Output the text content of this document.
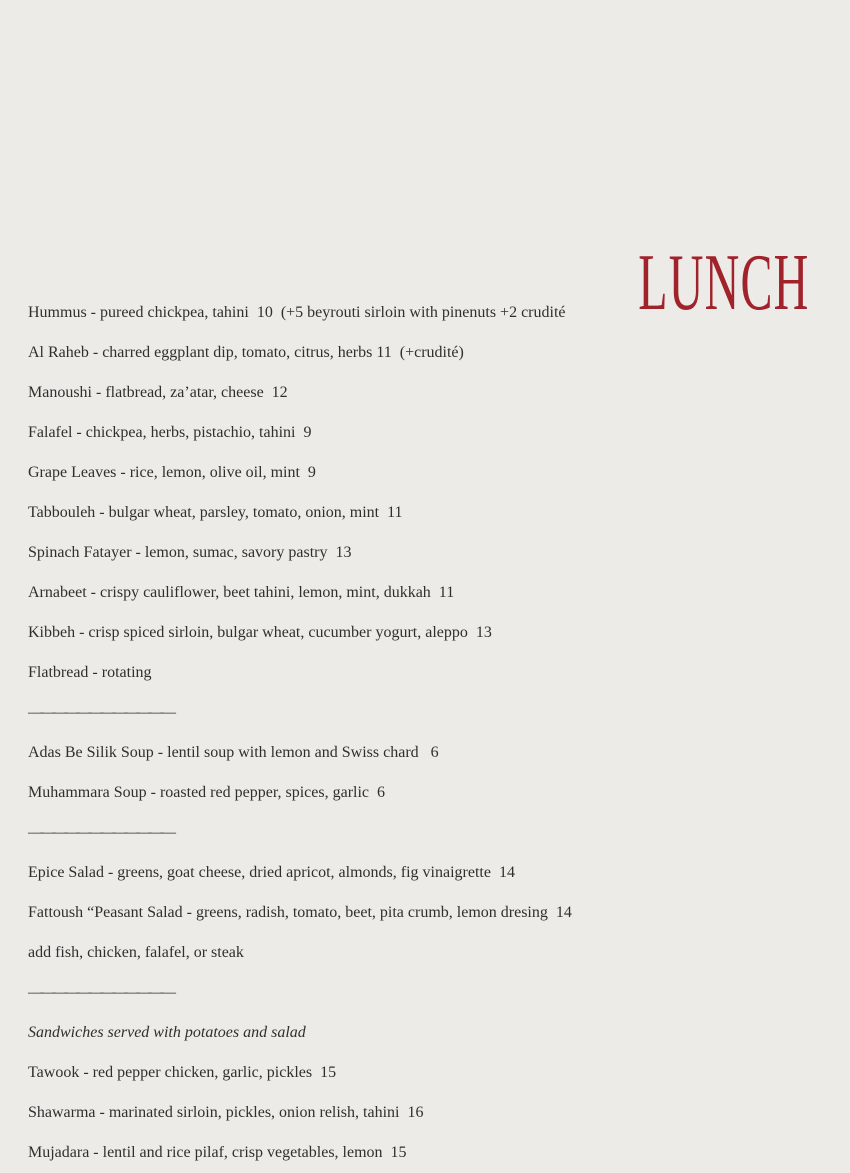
LUNCH
Hummus - pureed chickpea, tahini  10  (+5 beyrouti sirloin with pinenuts +2 crudité
Al Raheb - charred eggplant dip, tomato, citrus, herbs 11  (+crudité)
Manoushi - flatbread, za’atar, cheese  12
Falafel - chickpea, herbs, pistachio, tahini  9
Grape Leaves - rice, lemon, olive oil, mint  9
Tabbouleh - bulgar wheat, parsley, tomato, onion, mint  11
Spinach Fatayer - lemon, sumac, savory pastry  13
Arnabeet - crispy cauliflower, beet tahini, lemon, mint, dukkah  11
Kibbeh - crisp spiced sirloin, bulgar wheat, cucumber yogurt, aleppo  13
Flatbread - rotating
————————————
Adas Be Silik Soup - lentil soup with lemon and Swiss chard   6
Muhammara Soup - roasted red pepper, spices, garlic  6
————————————
Epice Salad - greens, goat cheese, dried apricot, almonds, fig vinaigrette  14
Fattoush “Peasant Salad - greens, radish, tomato, beet, pita crumb, lemon dresing  14
add fish, chicken, falafel, or steak
————————————
Sandwiches served with potatoes and salad
Tawook - red pepper chicken, garlic, pickles  15
Shawarma - marinated sirloin, pickles, onion relish, tahini  16
Mujadara - lentil and rice pilaf, crisp vegetables, lemon  15
